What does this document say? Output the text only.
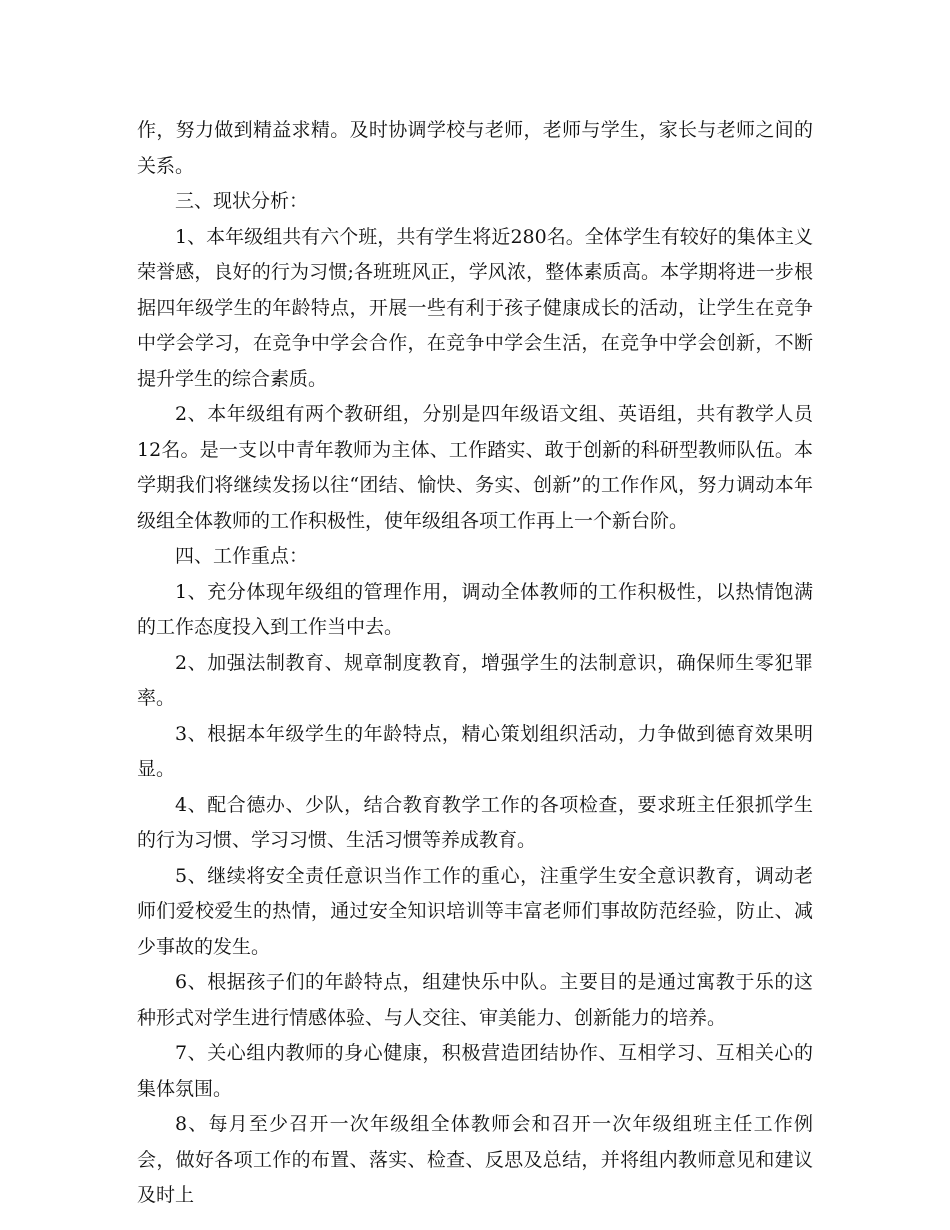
作，努力做到精益求精。及时协调学校与老师，老师与学生，家长与老师之间的关系。

三、现状分析：

1、本年级组共有六个班，共有学生将近280名。全体学生有较好的集体主义荣誉感，良好的行为习惯;各班班风正，学风浓，整体素质高。本学期将进一步根据四年级学生的年龄特点，开展一些有利于孩子健康成长的活动，让学生在竞争中学会学习，在竞争中学会合作，在竞争中学会生活，在竞争中学会创新，不断提升学生的综合素质。

2、本年级组有两个教研组，分别是四年级语文组、英语组，共有教学人员12名。是一支以中青年教师为主体、工作踏实、敢于创新的科研型教师队伍。本学期我们将继续发扬以往“团结、愉快、务实、创新”的工作作风，努力调动本年级组全体教师的工作积极性，使年级组各项工作再上一个新台阶。

四、工作重点：

1、充分体现年级组的管理作用，调动全体教师的工作积极性，以热情饱满的工作态度投入到工作当中去。

2、加强法制教育、规章制度教育，增强学生的法制意识，确保师生零犯罪率。

3、根据本年级学生的年龄特点，精心策划组织活动，力争做到德育效果明显。

4、配合德办、少队，结合教育教学工作的各项检查，要求班主任狠抓学生的行为习惯、学习习惯、生活习惯等养成教育。

5、继续将安全责任意识当作工作的重心，注重学生安全意识教育，调动老师们爱校爱生的热情，通过安全知识培训等丰富老师们事故防范经验，防止、减少事故的发生。

6、根据孩子们的年龄特点，组建快乐中队。主要目的是通过寓教于乐的这种形式对学生进行情感体验、与人交往、审美能力、创新能力的培养。

7、关心组内教师的身心健康，积极营造团结协作、互相学习、互相关心的集体氛围。

8、每月至少召开一次年级组全体教师会和召开一次年级组班主任工作例会，做好各项工作的布置、落实、检查、反思及总结，并将组内教师意见和建议及时上
